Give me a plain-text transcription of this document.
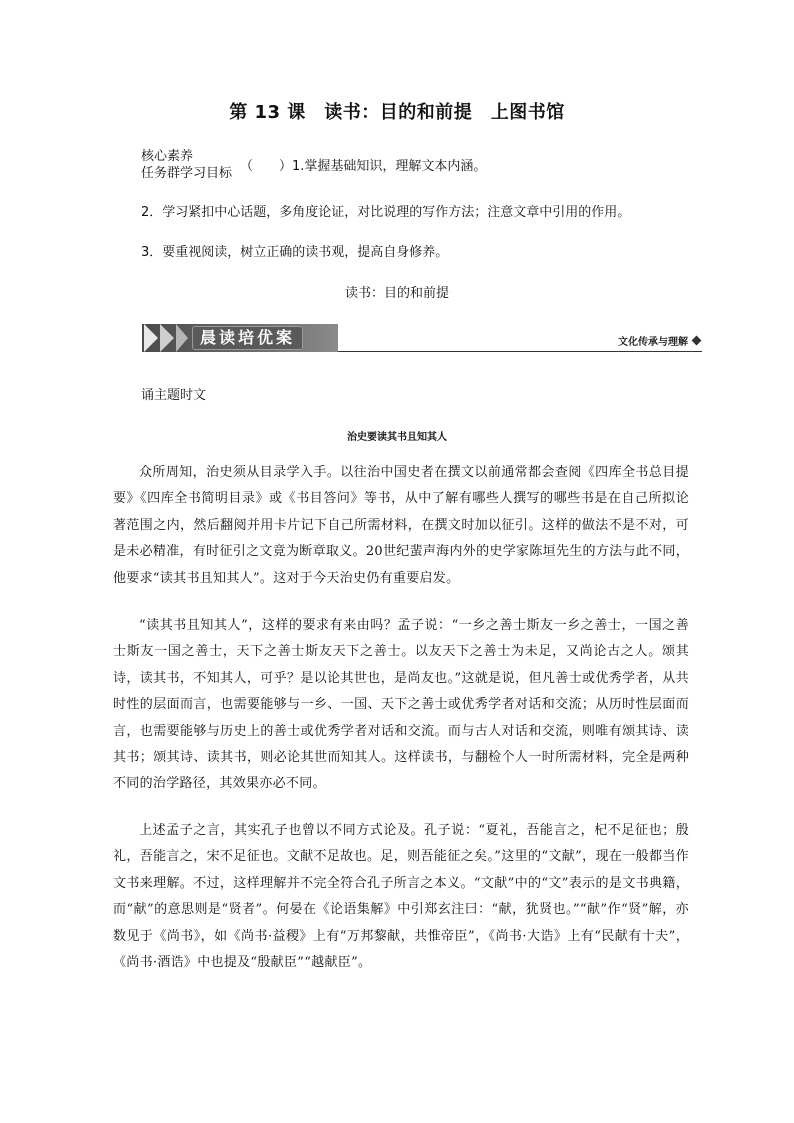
第 13 课　读书：目的和前提　上图书馆
核心素养
任务群学习目标 （　　）1.掌握基础知识，理解文本内涵。
2．学习紧扣中心话题，多角度论证，对比说理的写作方法；注意文章中引用的作用。
3．要重视阅读，树立正确的读书观，提高自身修养。
读书：目的和前提
晨读培优案	文化传承与理解
诵主题时文
治史要读其书且知其人
众所周知，治史须从目录学入手。以往治中国史者在撰文以前通常都会查阅《四库全书总目提要》《四库全书简明目录》或《书目答问》等书，从中了解有哪些人撰写的哪些书是在自己所拟论著范围之内，然后翻阅并用卡片记下自己所需材料，在撰文时加以征引。这样的做法不是不对，可是未必精准，有时征引之文竟为断章取义。20世纪蜚声海内外的史学家陈垣先生的方法与此不同，他要求“读其书且知其人”。这对于今天治史仍有重要启发。
“读其书且知其人”，这样的要求有来由吗？孟子说：“一乡之善士斯友一乡之善士，一国之善士斯友一国之善士，天下之善士斯友天下之善士。以友天下之善士为未足，又尚论古之人。颂其诗，读其书，不知其人，可乎？是以论其世也，是尚友也。”这就是说，但凡善士或优秀学者，从共时性的层面而言，也需要能够与一乡、一国、天下之善士或优秀学者对话和交流；从历时性层面而言，也需要能够与历史上的善士或优秀学者对话和交流。而与古人对话和交流，则唯有颂其诗、读其书；颂其诗、读其书，则必论其世而知其人。这样读书，与翻检个人一时所需材料，完全是两种不同的治学路径，其效果亦必不同。
上述孟子之言，其实孔子也曾以不同方式论及。孔子说：“夏礼，吾能言之，杞不足征也；殷礼，吾能言之，宋不足征也。文献不足故也。足，则吾能征之矣。”这里的“文献”，现在一般都当作文书来理解。不过，这样理解并不完全符合孔子所言之本义。“文献”中的“文”表示的是文书典籍，而“献”的意思则是“贤者”。何晏在《论语集解》中引郑玄注曰：“献，犹贤也。”“献”作“贤”解，亦数见于《尚书》，如《尚书·益稷》上有“万邦黎献，共惟帝臣”，《尚书·大诰》上有“民献有十夫”，《尚书·酒诰》中也提及“殷献臣”“越献臣”。
